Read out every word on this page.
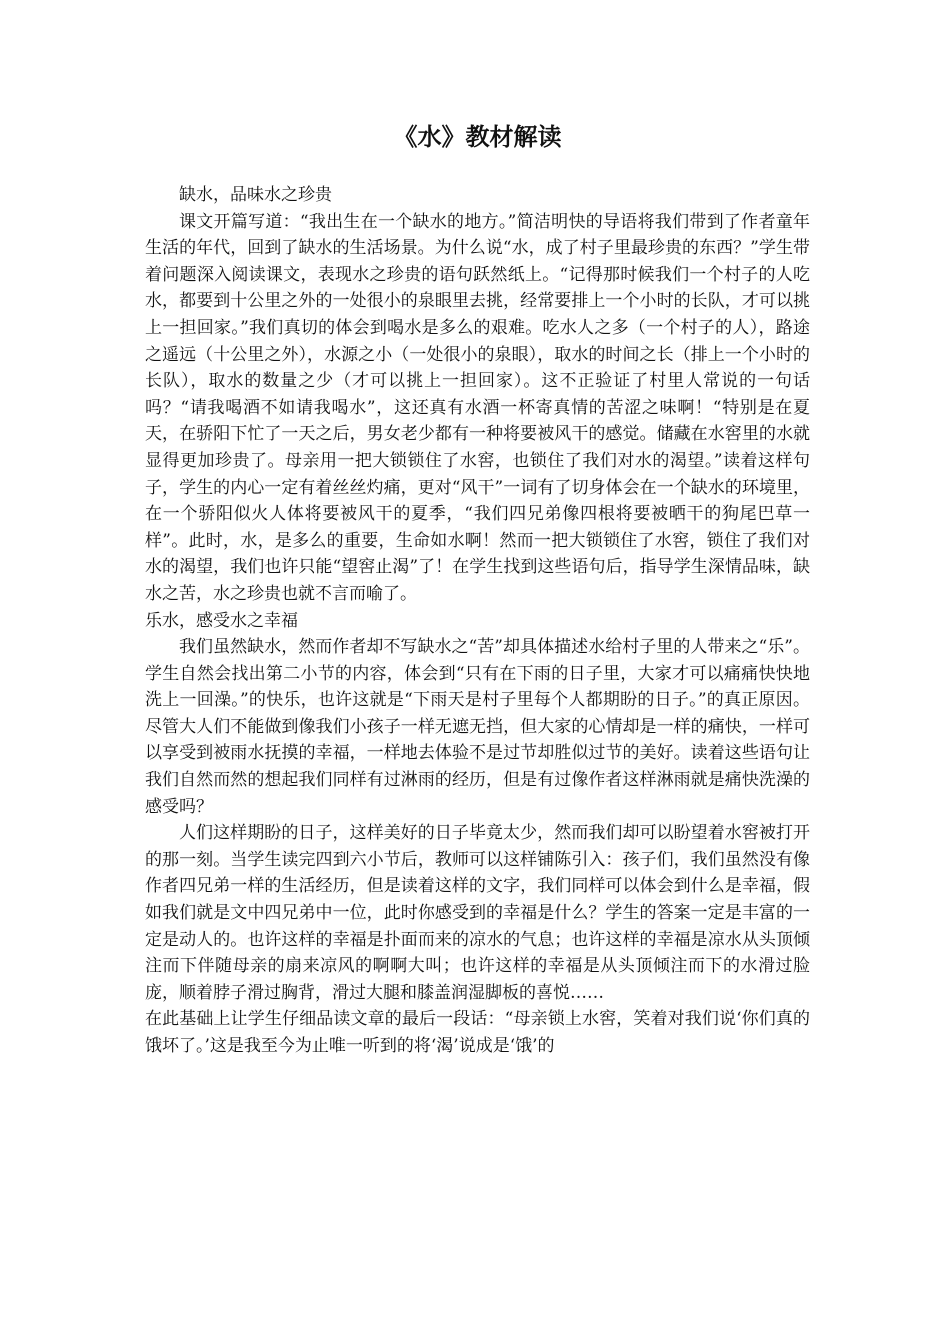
《水》教材解读

缺水，品味水之珍贵

课文开篇写道：“我出生在一个缺水的地方。”简洁明快的导语将我们带到了作者童年生活的年代，回到了缺水的生活场景。为什么说“水，成了村子里最珍贵的东西？”学生带着问题深入阅读课文，表现水之珍贵的语句跃然纸上。“记得那时候我们一个村子的人吃水，都要到十公里之外的一处很小的泉眼里去挑，经常要排上一个小时的长队，才可以挑上一担回家。”我们真切的体会到喝水是多么的艰难。吃水人之多（一个村子的人），路途之遥远（十公里之外），水源之小（一处很小的泉眼），取水的时间之长（排上一个小时的长队），取水的数量之少（才可以挑上一担回家）。这不正验证了村里人常说的一句话吗？“请我喝酒不如请我喝水”，这还真有水酒一杯寄真情的苦涩之味啊！“特别是在夏天，在骄阳下忙了一天之后，男女老少都有一种将要被风干的感觉。储藏在水窖里的水就显得更加珍贵了。母亲用一把大锁锁住了水窖，也锁住了我们对水的渴望。”读着这样句子，学生的内心一定有着丝丝灼痛，更对“风干”一词有了切身体会在一个缺水的环境里，在一个骄阳似火人体将要被风干的夏季，“我们四兄弟像四根将要被晒干的狗尾巴草一样”。此时，水，是多么的重要，生命如水啊！然而一把大锁锁住了水窖，锁住了我们对水的渴望，我们也许只能“望窖止渴”了！在学生找到这些语句后，指导学生深情品味，缺水之苦，水之珍贵也就不言而喻了。

乐水，感受水之幸福

我们虽然缺水，然而作者却不写缺水之“苦”却具体描述水给村子里的人带来之“乐”。学生自然会找出第二小节的内容，体会到“只有在下雨的日子里，大家才可以痛痛快快地洗上一回澡。”的快乐，也许这就是“下雨天是村子里每个人都期盼的日子。”的真正原因。尽管大人们不能做到像我们小孩子一样无遮无挡，但大家的心情却是一样的痛快，一样可以享受到被雨水抚摸的幸福，一样地去体验不是过节却胜似过节的美好。读着这些语句让我们自然而然的想起我们同样有过淋雨的经历，但是有过像作者这样淋雨就是痛快洗澡的感受吗？

人们这样期盼的日子，这样美好的日子毕竟太少，然而我们却可以盼望着水窖被打开的那一刻。当学生读完四到六小节后，教师可以这样铺陈引入：孩子们，我们虽然没有像作者四兄弟一样的生活经历，但是读着这样的文字，我们同样可以体会到什么是幸福，假如我们就是文中四兄弟中一位，此时你感受到的幸福是什么？学生的答案一定是丰富的一定是动人的。也许这样的幸福是扑面而来的凉水的气息；也许这样的幸福是凉水从头顶倾注而下伴随母亲的扇来凉风的啊啊大叫；也许这样的幸福是从头顶倾注而下的水滑过脸庞，顺着脖子滑过胸背，滑过大腿和膝盖润湿脚板的喜悦……

在此基础上让学生仔细品读文章的最后一段话：“母亲锁上水窖，笑着对我们说‘你们真的饿坏了。’这是我至今为止唯一听到的将‘渴’说成是‘饿’的
